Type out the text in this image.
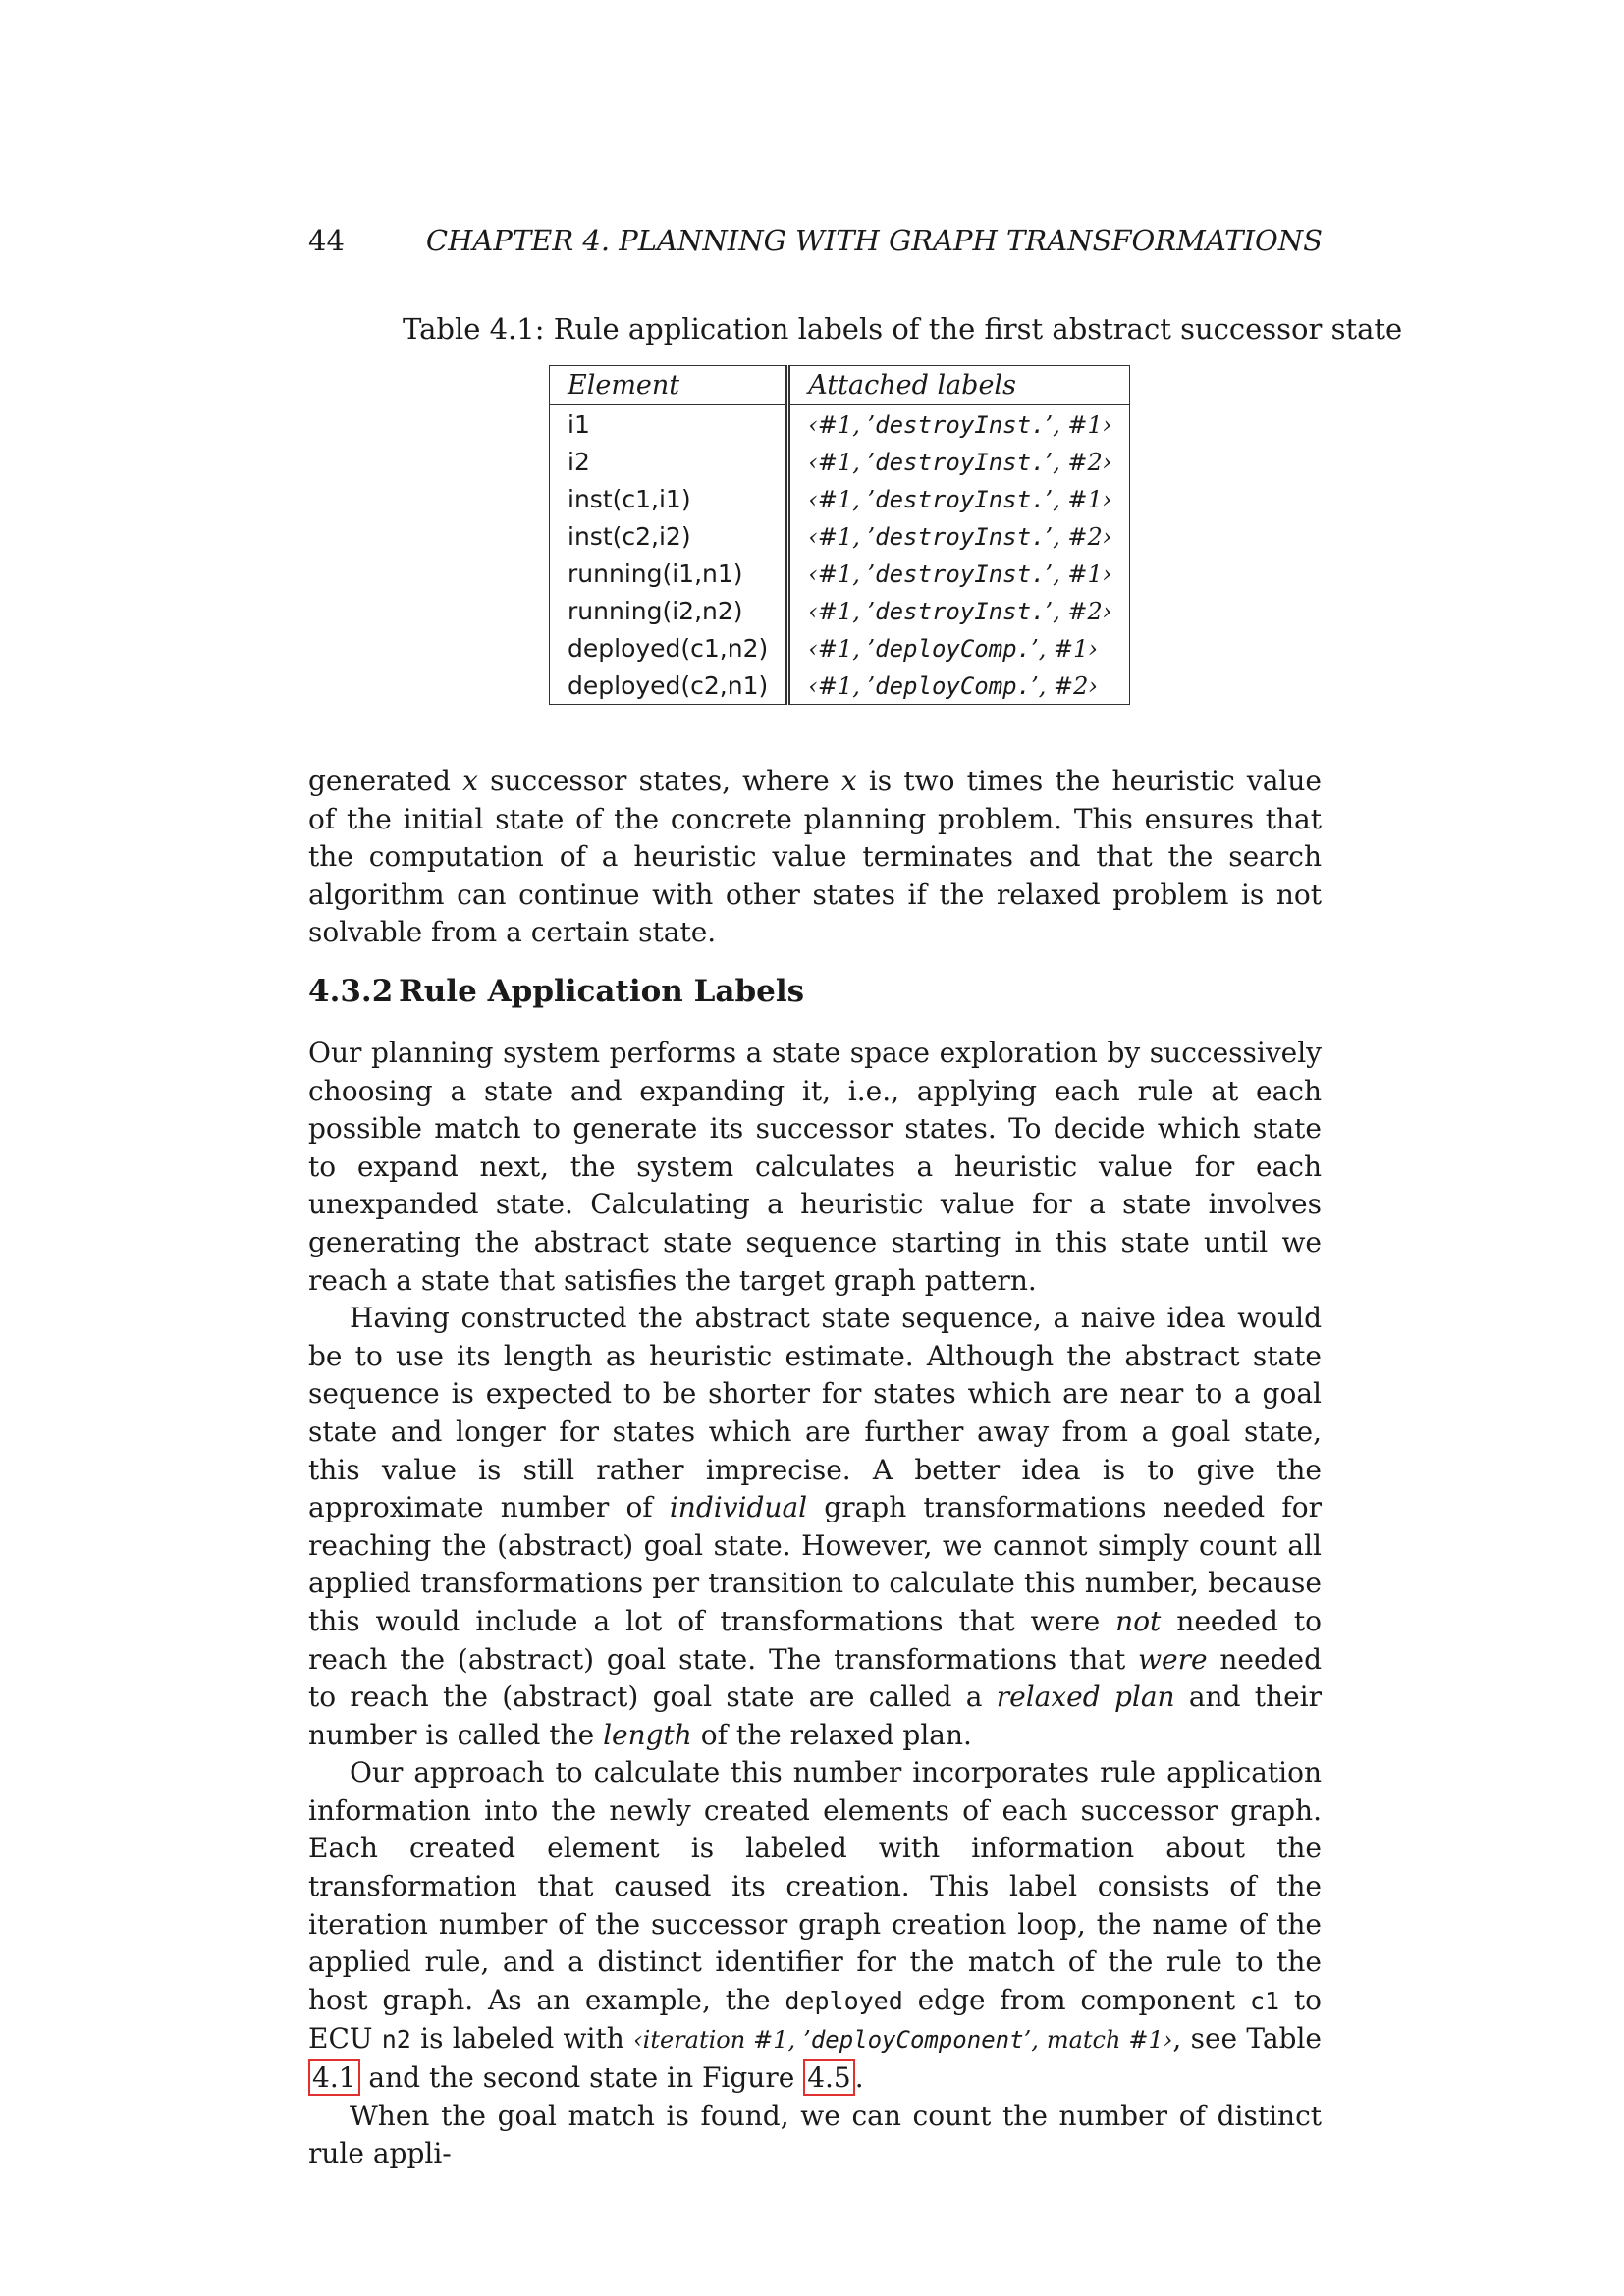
44	CHAPTER 4. PLANNING WITH GRAPH TRANSFORMATIONS
Table 4.1: Rule application labels of the first abstract successor state
Element	Attached labels
i1	‹#1, ’destroyInst.’, #1›
i2	‹#1, ’destroyInst.’, #2›
inst(c1,i1)	‹#1, ’destroyInst.’, #1›
inst(c2,i2)	‹#1, ’destroyInst.’, #2›
running(i1,n1)	‹#1, ’destroyInst.’, #1›
running(i2,n2)	‹#1, ’destroyInst.’, #2›
deployed(c1,n2)	‹#1, ’deployComp.’, #1›
deployed(c2,n1)	‹#1, ’deployComp.’, #2›

generated x successor states, where x is two times the heuristic value of the initial state of the concrete planning problem. This ensures that the computation of a heuristic value terminates and that the search algorithm can continue with other states if the relaxed problem is not solvable from a certain state.

4.3.2 Rule Application Labels

Our planning system performs a state space exploration by successively choosing a state and expanding it, i.e., applying each rule at each possible match to generate its successor states. To decide which state to expand next, the system calculates a heuristic value for each unexpanded state. Calculating a heuristic value for a state involves generating the abstract state sequence starting in this state until we reach a state that satisfies the target graph pattern.

Having constructed the abstract state sequence, a naive idea would be to use its length as heuristic estimate. Although the abstract state sequence is expected to be shorter for states which are near to a goal state and longer for states which are further away from a goal state, this value is still rather imprecise. A better idea is to give the approximate number of individual graph transformations needed for reaching the (abstract) goal state. However, we cannot simply count all applied transformations per transition to calculate this number, because this would include a lot of transformations that were not needed to reach the (abstract) goal state. The transformations that were needed to reach the (abstract) goal state are called a relaxed plan and their number is called the length of the relaxed plan.

Our approach to calculate this number incorporates rule application information into the newly created elements of each successor graph. Each created element is labeled with information about the transformation that caused its creation. This label consists of the iteration number of the successor graph creation loop, the name of the applied rule, and a distinct identifier for the match of the rule to the host graph. As an example, the deployed edge from component c1 to ECU n2 is labeled with ‹iteration #1, ’deployComponent’, match #1›, see Table 4.1 and the second state in Figure 4.5 .

When the goal match is found, we can count the number of distinct rule appli-
